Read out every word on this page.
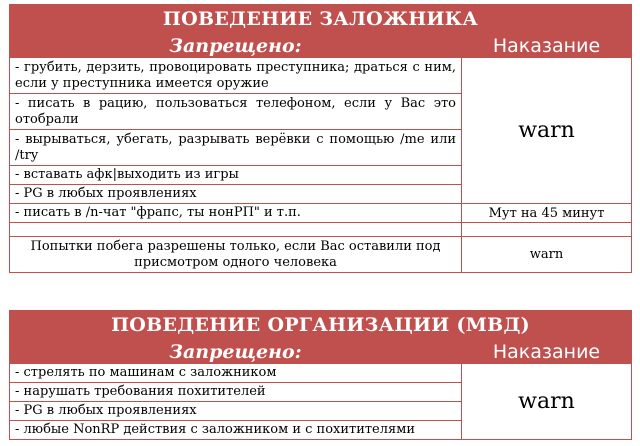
ПОВЕДЕНИЕ ЗАЛОЖНИКА	
Запрещено:	Наказание
- грубить, дерзить, провоцировать преступника; драться с ним, если у преступника имеется оружие	warn
- писать в рацию, пользоваться телефоном, если у Вас это отобрали	
- вырываться, убегать, разрывать верёвки с помощью /me или /try	
- вставать афк|выходить из игры	
- PG в любых проявлениях	
- писать в /n-чат "фрапс, ты нонРП" и т.п.	Мут на 45 минут

Попытки побега разрешены только, если Вас оставили под присмотром одного человека	warn
ПОВЕДЕНИЕ ОРГАНИЗАЦИИ (МВД)	
Запрещено:	Наказание
- стрелять по машинам с заложником	warn
- нарушать требования похитителей	
- PG в любых проявлениях	
- любые NonRP действия с заложником и с похитителями	
